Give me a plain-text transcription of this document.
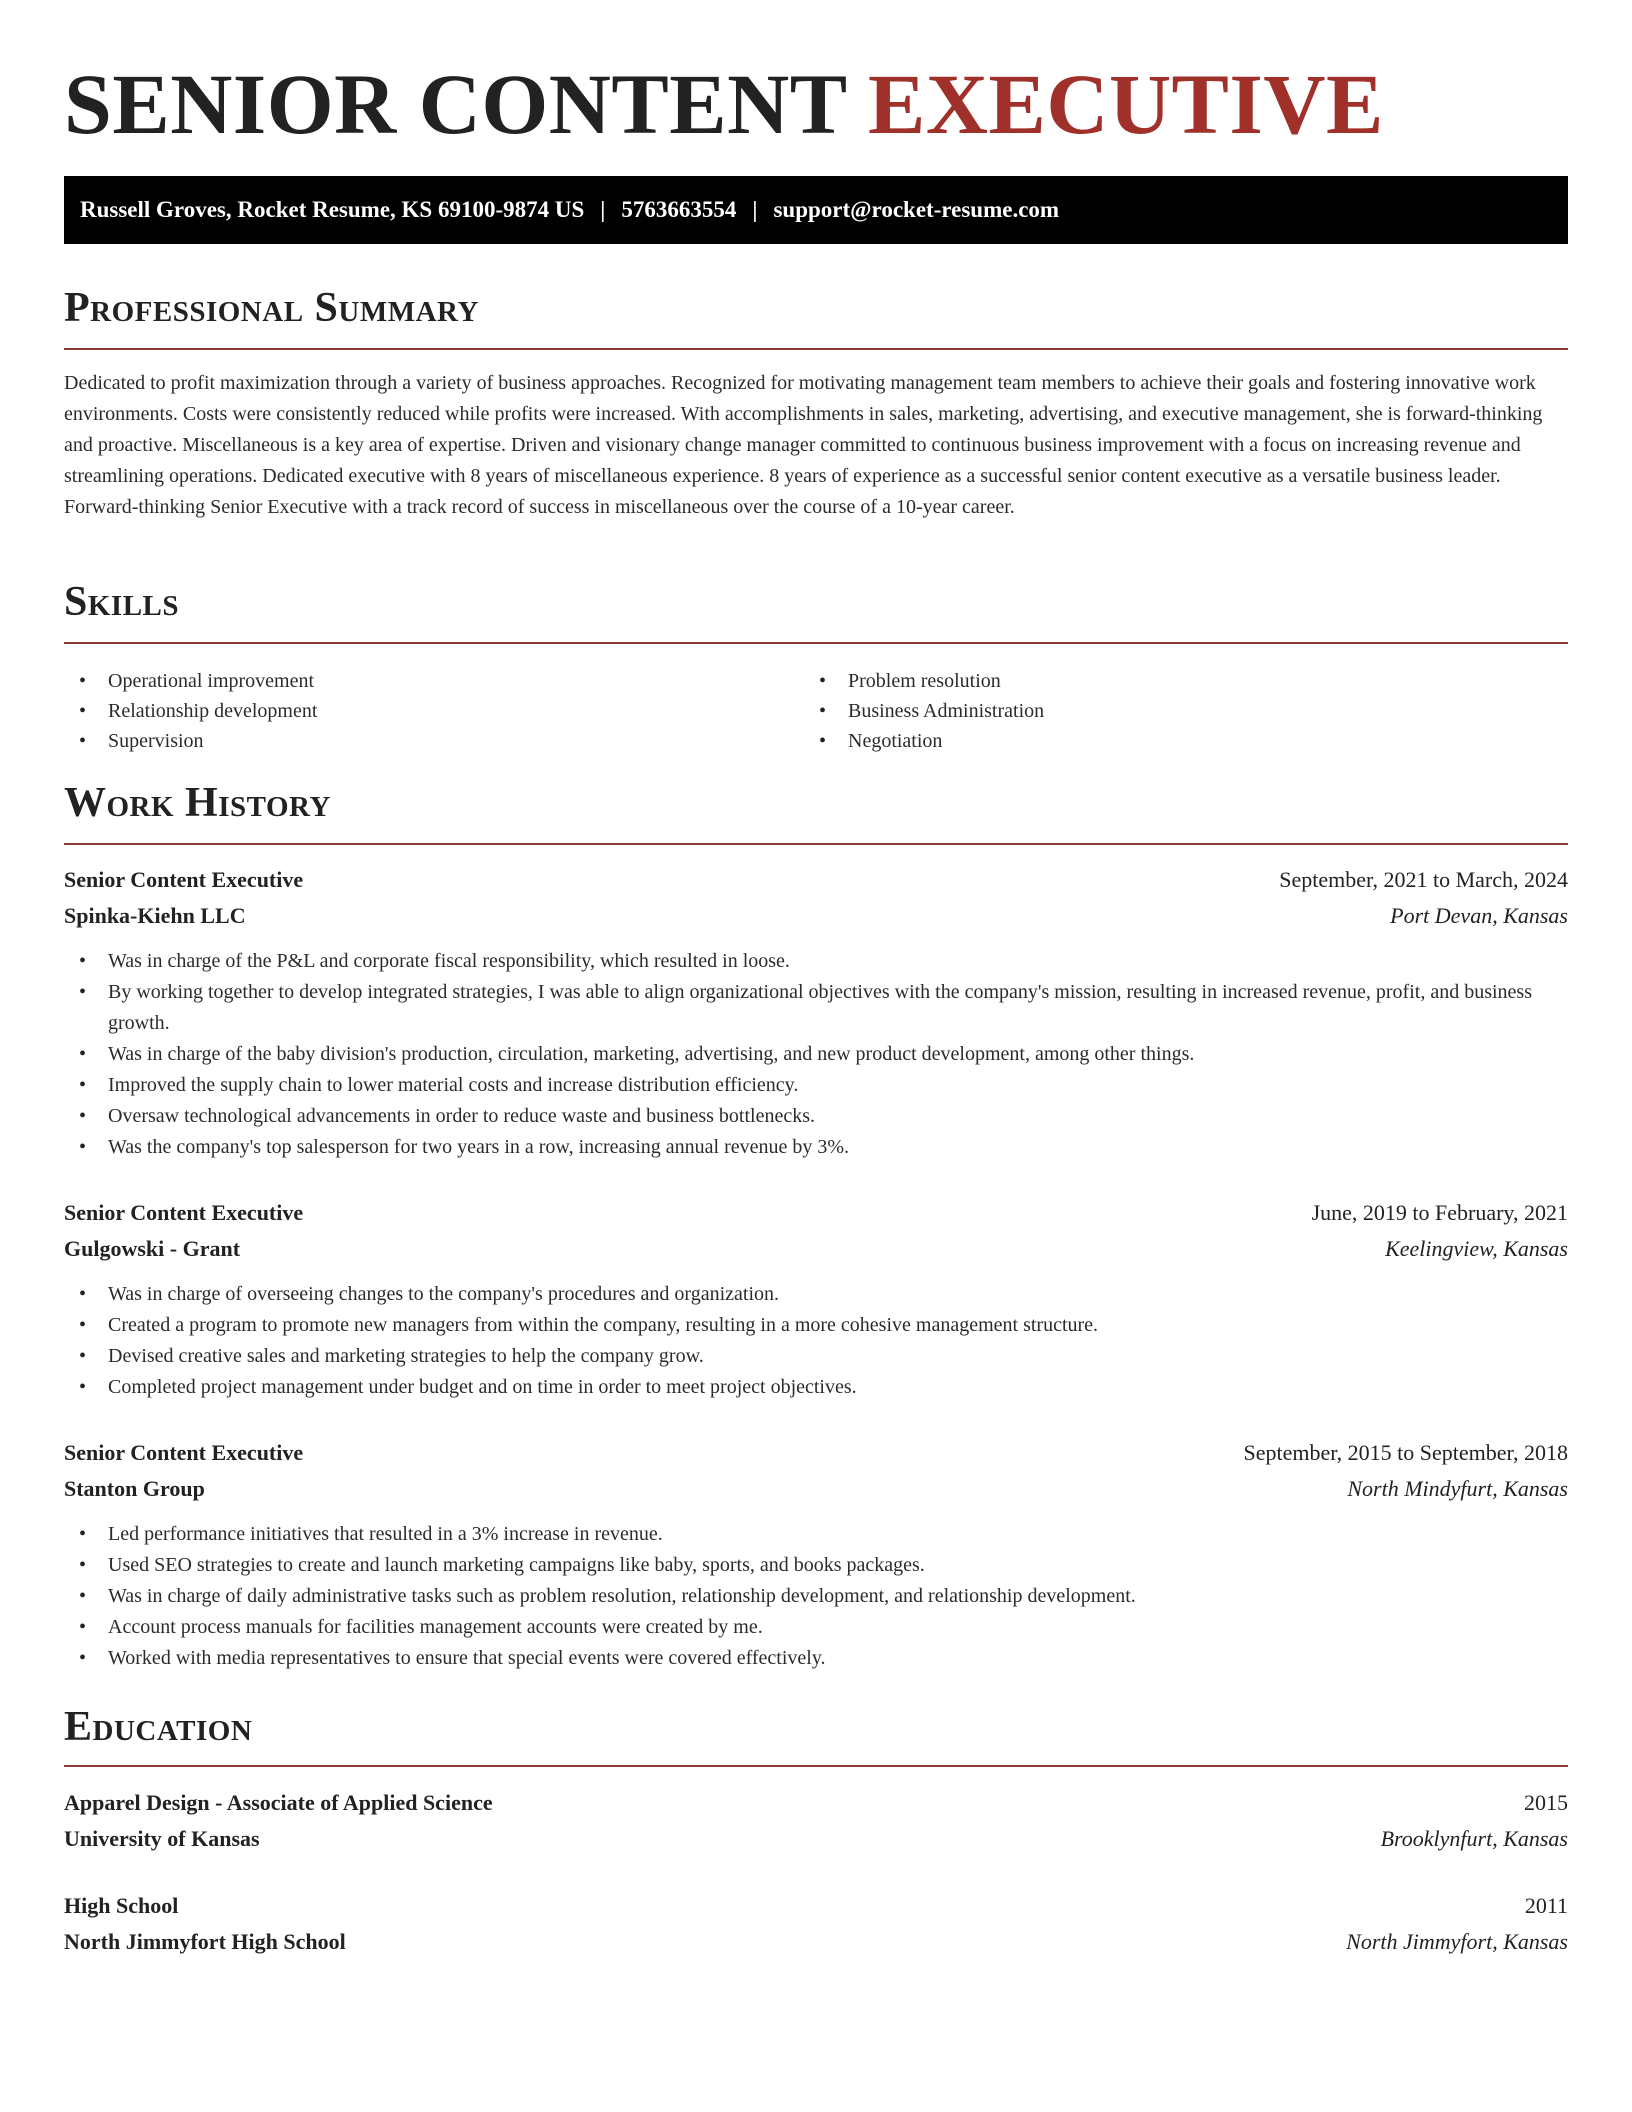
SENIOR CONTENT EXECUTIVE
Russell Groves, Rocket Resume, KS 69100-9874 US | 5763663554 | support@rocket-resume.com
Professional Summary

Dedicated to profit maximization through a variety of business approaches. Recognized for motivating management team members to achieve their goals and fostering innovative work environments. Costs were consistently reduced while profits were increased. With accomplishments in sales, marketing, advertising, and executive management, she is forward-thinking and proactive. Miscellaneous is a key area of expertise. Driven and visionary change manager committed to continuous business improvement with a focus on increasing revenue and streamlining operations. Dedicated executive with 8 years of miscellaneous experience. 8 years of experience as a successful senior content executive as a versatile business leader. Forward-thinking Senior Executive with a track record of success in miscellaneous over the course of a 10-year career.

Skills
• Operational improvement
• Relationship development
• Supervision
• Problem resolution
• Business Administration
• Negotiation
Work History
Senior Content Executive	September, 2021 to March, 2024
Spinka-Kiehn LLC	Port Devan, Kansas
• Was in charge of the P&L and corporate fiscal responsibility, which resulted in loose.
• By working together to develop integrated strategies, I was able to align organizational objectives with the company's mission, resulting in increased revenue, profit, and business growth.
• Was in charge of the baby division's production, circulation, marketing, advertising, and new product development, among other things.
• Improved the supply chain to lower material costs and increase distribution efficiency.
• Oversaw technological advancements in order to reduce waste and business bottlenecks.
• Was the company's top salesperson for two years in a row, increasing annual revenue by 3%.
Senior Content Executive	June, 2019 to February, 2021
Gulgowski - Grant	Keelingview, Kansas
• Was in charge of overseeing changes to the company's procedures and organization.
• Created a program to promote new managers from within the company, resulting in a more cohesive management structure.
• Devised creative sales and marketing strategies to help the company grow.
• Completed project management under budget and on time in order to meet project objectives.
Senior Content Executive	September, 2015 to September, 2018
Stanton Group	North Mindyfurt, Kansas
• Led performance initiatives that resulted in a 3% increase in revenue.
• Used SEO strategies to create and launch marketing campaigns like baby, sports, and books packages.
• Was in charge of daily administrative tasks such as problem resolution, relationship development, and relationship development.
• Account process manuals for facilities management accounts were created by me.
• Worked with media representatives to ensure that special events were covered effectively.
Education
Apparel Design - Associate of Applied Science	2015
University of Kansas	Brooklynfurt, Kansas
High School	2011
North Jimmyfort High School	North Jimmyfort, Kansas
